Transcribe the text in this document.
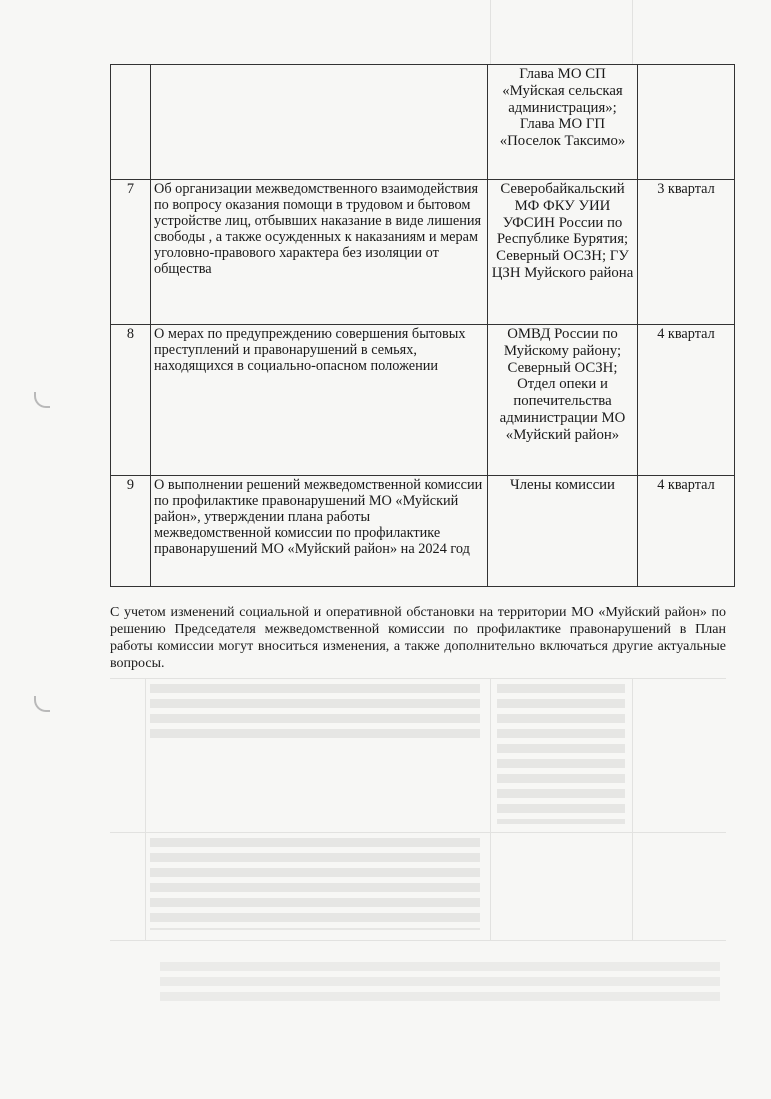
		Глава МО СП «Муйская сельская администрация»; Глава МО ГП «Поселок Таксимо»	
7	Об организации межведомственного взаимодействия по вопросу оказания помощи в трудовом и бытовом устройстве лиц, отбывших наказание в виде лишения свободы , а также осужденных к наказаниям и мерам уголовно-правового характера без изоляции от общества	Северобайкальский МФ ФКУ УИИ УФСИН России по Республике Бурятия; Северный ОСЗН; ГУ ЦЗН Муйского района	3 квартал
8	О мерах по предупреждению совершения бытовых преступлений и правонарушений в семьях, находящихся в социально-опасном положении	ОМВД России по Муйскому району; Северный ОСЗН; Отдел опеки и попечительства администрации МО «Муйский район»	4 квартал
9	О выполнении решений межведомственной комиссии по профилактике правонарушений МО «Муйский район», утверждении плана работы межведомственной комиссии по профилактике правонарушений МО «Муйский район» на 2024 год	Члены комиссии	4 квартал

С учетом изменений социальной и оперативной обстановки на территории МО «Муйский район» по решению Председателя межведомственной комиссии по профилактике правонарушений в План работы комиссии могут вноситься изменения, а также дополнительно включаться другие актуальные вопросы.
